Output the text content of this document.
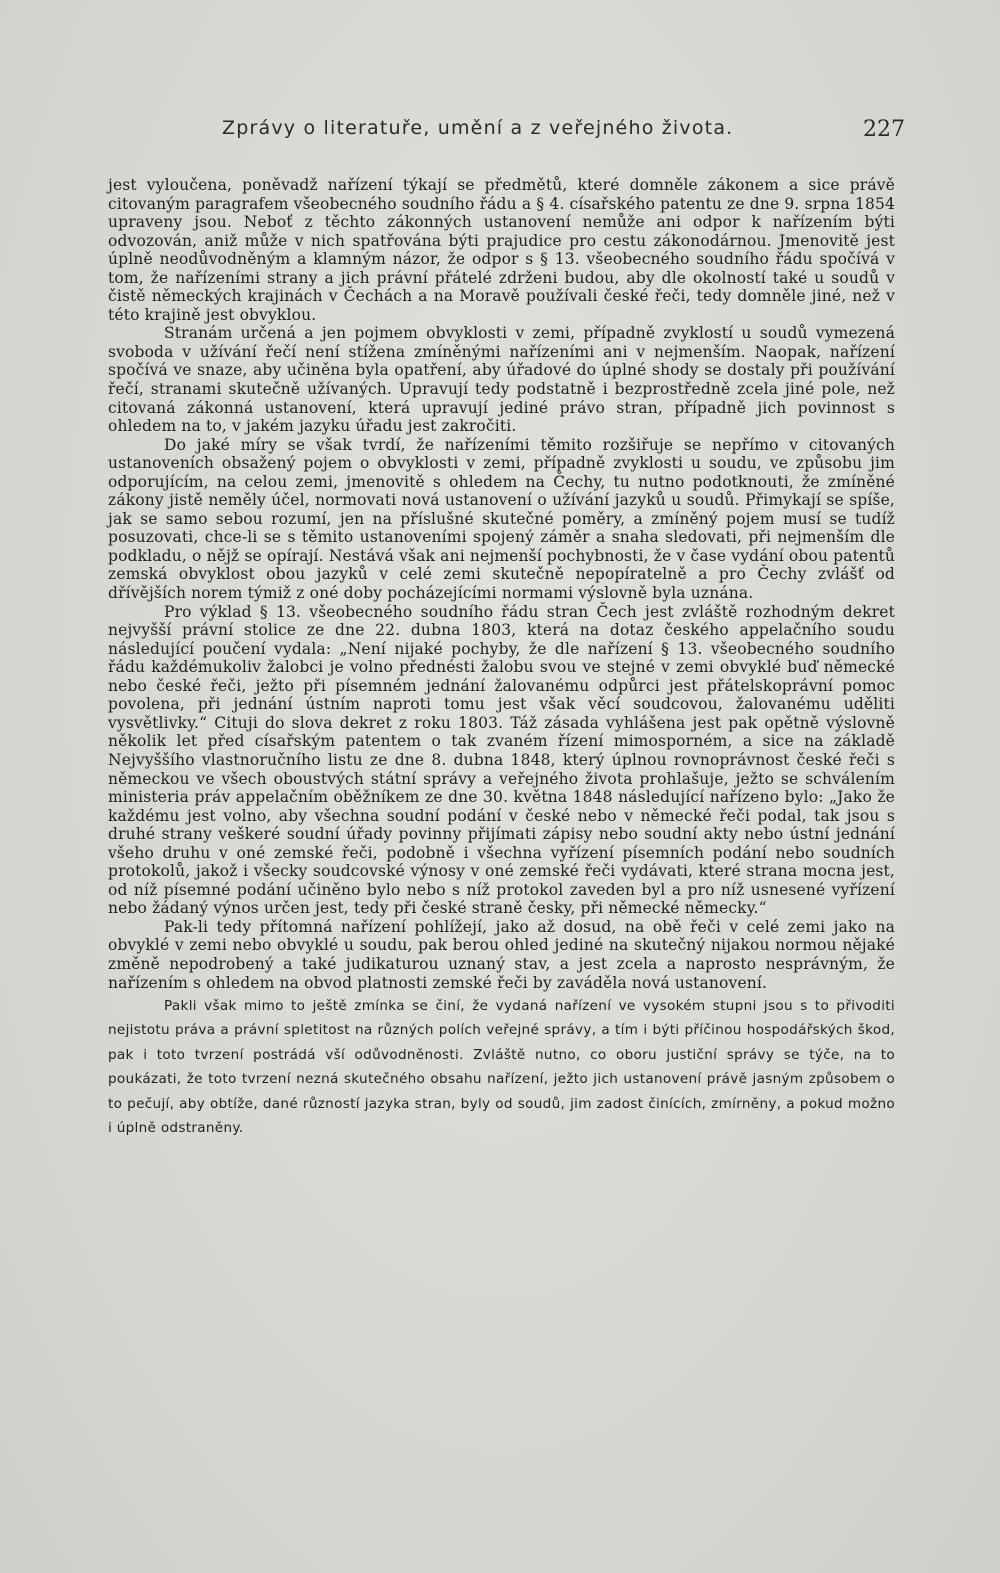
Zprávy o literatuře, umění a z veřejného života.	227

jest vyloučena, poněvadž nařízení týkají se předmětů, které domněle zákonem a sice právě citovaným paragrafem všeobecného soudního řádu a § 4. císařského patentu ze dne 9. srpna 1854 upraveny jsou. Neboť z těchto zákonných ustanovení nemůže ani odpor k nařízením býti odvozován, aniž může v nich spatřována býti prajudice pro cestu zákonodárnou. Jmenovitě jest úplně neodůvodněným a klamným názor, že odpor s § 13. všeobecného soudního řádu spočívá v tom, že nařízeními strany a jich právní přátelé zdrženi budou, aby dle okolností také u soudů v čistě německých krajinách v Čechách a na Moravě používali české řeči, tedy domněle jiné, než v této krajině jest obvyklou.

Stranám určená a jen pojmem obvyklosti v zemi, případně zvyklostí u soudů vymezená svoboda v užívání řečí není stížena zmíněnými nařízeními ani v nejmenším. Naopak, nařízení spočívá ve snaze, aby učiněna byla opatření, aby úřadové do úplné shody se dostaly při používání řečí, stranami skutečně užívaných. Upravují tedy podstatně i bezprostředně zcela jiné pole, než citovaná zákonná ustanovení, která upravují jediné právo stran, případně jich povinnost s ohledem na to, v jakém jazyku úřadu jest zakročiti.

Do jaké míry se však tvrdí, že nařízeními těmito rozšiřuje se nepřímo v citovaných ustanoveních obsažený pojem o obvyklosti v zemi, případně zvyklosti u soudu, ve způsobu jim odporujícím, na celou zemi, jmenovitě s ohledem na Čechy, tu nutno podotknouti, že zmíněné zákony jistě neměly účel, normovati nová ustanovení o užívání jazyků u soudů. Přimykají se spíše, jak se samo sebou rozumí, jen na příslušné skutečné poměry, a zmíněný pojem musí se tudíž posuzovati, chce-li se s těmito ustanoveními spojený záměr a snaha sledovati, při nejmenším dle podkladu, o nějž se opírají. Nestává však ani nejmenší pochybnosti, že v čase vydání obou patentů zemská obvyklost obou jazyků v celé zemi skutečně nepopíratelně a pro Čechy zvlášť od dřívějších norem týmiž z oné doby pocházejícími normami výslovně byla uznána.

Pro výklad § 13. všeobecného soudního řádu stran Čech jest zvláště rozhodným dekret nejvyšší právní stolice ze dne 22. dubna 1803, která na dotaz českého appelačního soudu následující poučení vydala: „Není nijaké pochyby, že dle nařízení § 13. všeobecného soudního řádu každémukoliv žalobci je volno přednésti žalobu svou ve stejné v zemi obvyklé buď německé nebo české řeči, ježto při písemném jednání žalovanému odpůrci jest přátelskoprávní pomoc povolena, při jednání ústním naproti tomu jest však věcí soudcovou, žalovanému uděliti vysvětlivky.“ Cituji do slova dekret z roku 1803. Táž zásada vyhlášena jest pak opětně výslovně několik let před císařským patentem o tak zvaném řízení mimosporném, a sice na základě Nejvyššího vlastnoručního listu ze dne 8. dubna 1848, který úplnou rovnoprávnost české řeči s německou ve všech oboustvých státní správy a veřejného života prohlašuje, ježto se schválením ministeria práv appelačním oběžníkem ze dne 30. května 1848 následující nařízeno bylo: „Jako že každému jest volno, aby všechna soudní podání v české nebo v německé řeči podal, tak jsou s druhé strany veškeré soudní úřady povinny přijímati zápisy nebo soudní akty nebo ústní jednání všeho druhu v oné zemské řeči, podobně i všechna vyřízení písemních podání nebo soudních protokolů, jakož i všecky soudcovské výnosy v oné zemské řeči vydávati, které strana mocna jest, od níž písemné podání učiněno bylo nebo s níž protokol zaveden byl a pro níž usnesené vyřízení nebo žádaný výnos určen jest, tedy při české straně česky, při německé německy.“

Pak-li tedy přítomná nařízení pohlížejí, jako až dosud, na obě řeči v celé zemi jako na obvyklé v zemi nebo obvyklé u soudu, pak berou ohled jediné na skutečný nijakou normou nějaké změně nepodrobený a také judikaturou uznaný stav, a jest zcela a naprosto nesprávným, že nařízením s ohledem na obvod platnosti zemské řeči by zaváděla nová ustanovení.

Pakli však mimo to ještě zmínka se činí, že vydaná nařízení ve vysokém stupni jsou s to přivoditi nejistotu práva a právní spletitost na různých polích veřejné správy, a tím i býti příčinou hospodářských škod, pak i toto tvrzení postrádá vší odůvodněnosti. Zvláště nutno, co oboru justiční správy se týče, na to poukázati, že toto tvrzení nezná skutečného obsahu nařízení, ježto jich ustanovení právě jasným způsobem o to pečují, aby obtíže, dané růzností jazyka stran, byly od soudů, jim zadost činících, zmírněny, a pokud možno i úplně odstraněny.
